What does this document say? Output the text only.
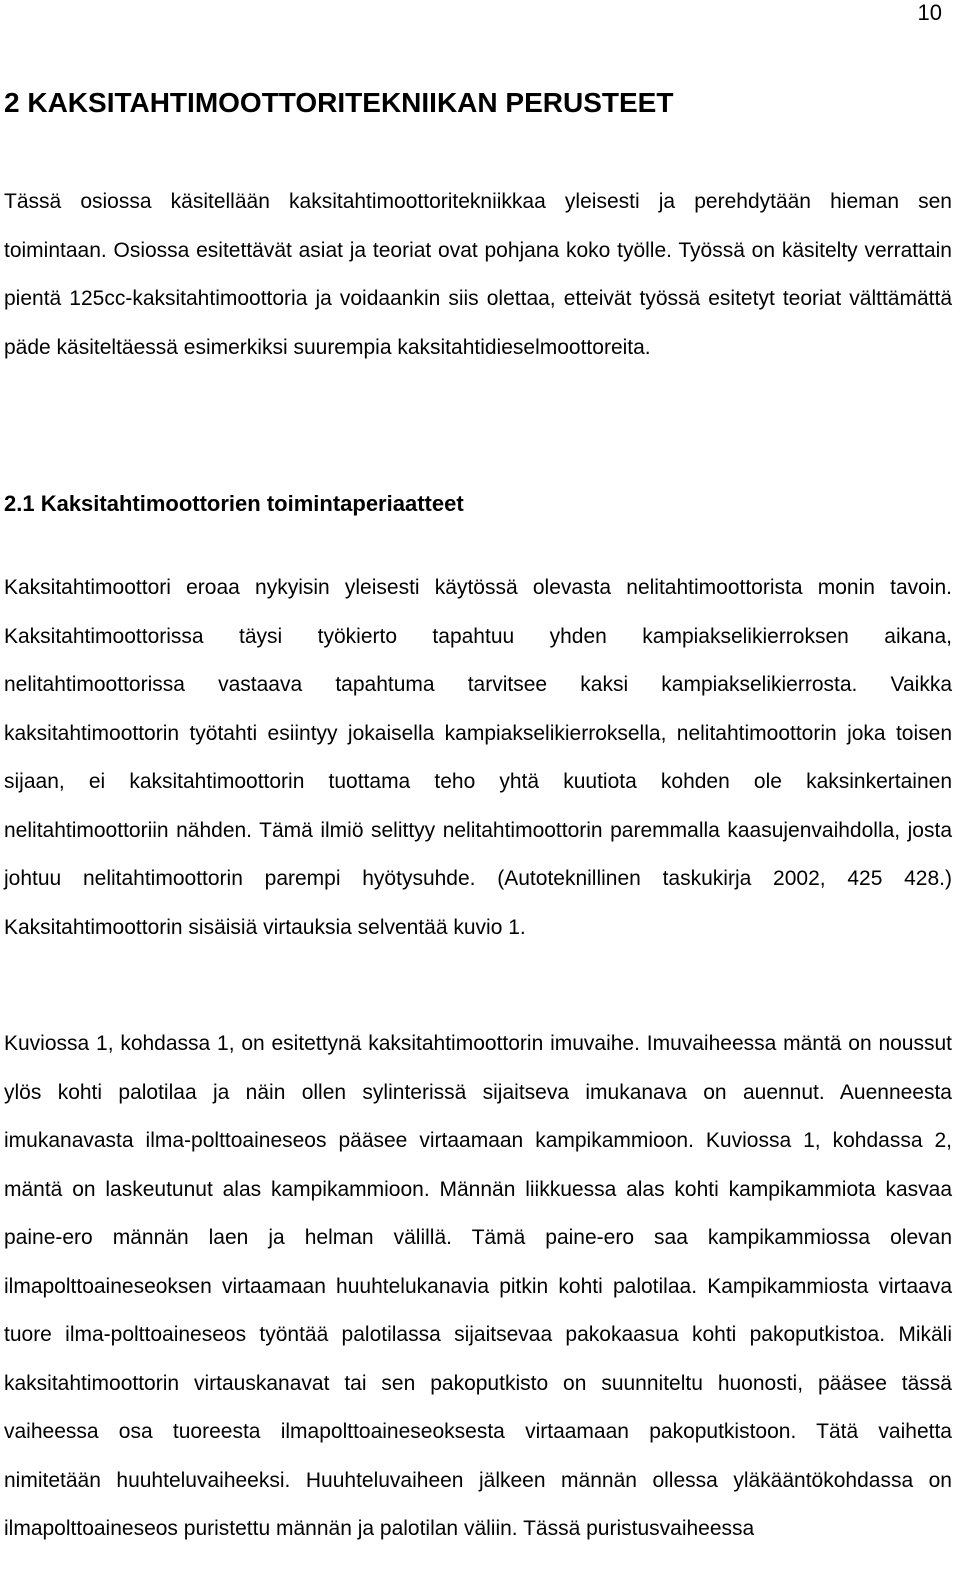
10
2 KAKSITAHTIMOOTTORITEKNIIKAN PERUSTEET

Tässä osiossa käsitellään kaksitahtimoottoritekniikkaa yleisesti ja perehdytään hieman sen toimintaan. Osiossa esitettävät asiat ja teoriat ovat pohjana koko työlle. Työssä on käsitelty verrattain pientä 125cc-kaksitahtimoottoria ja voidaankin siis olettaa, etteivät työssä esitetyt teoriat välttämättä päde käsiteltäessä esimerkiksi suurempia kaksitahtidieselmoottoreita.

2.1 Kaksitahtimoottorien toimintaperiaatteet

Kaksitahtimoottori eroaa nykyisin yleisesti käytössä olevasta nelitahtimoottorista monin tavoin. Kaksitahtimoottorissa täysi työkierto tapahtuu yhden kampiakselikierroksen aikana, nelitahtimoottorissa vastaava tapahtuma tarvitsee kaksi kampiakselikierrosta. Vaikka kaksitahtimoottorin työtahti esiintyy jokaisella kampiakselikierroksella, nelitahtimoottorin joka toisen sijaan, ei kaksitahtimoottorin tuottama teho yhtä kuutiota kohden ole kaksinkertainen nelitahtimoottoriin nähden. Tämä ilmiö selittyy nelitahtimoottorin paremmalla kaasujenvaihdolla, josta johtuu nelitahtimoottorin parempi hyötysuhde. (Autoteknillinen taskukirja 2002, 425 428.) Kaksitahtimoottorin sisäisiä virtauksia selventää kuvio 1.

Kuviossa 1, kohdassa 1, on esitettynä kaksitahtimoottorin imuvaihe. Imuvaiheessa mäntä on noussut ylös kohti palotilaa ja näin ollen sylinterissä sijaitseva imukanava on auennut. Auenneesta imukanavasta ilma-polttoaineseos pääsee virtaamaan kampikammioon. Kuviossa 1, kohdassa 2, mäntä on laskeutunut alas kampikammioon. Männän liikkuessa alas kohti kampikammiota kasvaa paine-ero männän laen ja helman välillä. Tämä paine-ero saa kampikammiossa olevan ilmapolttoaineseoksen virtaamaan huuhtelukanavia pitkin kohti palotilaa. Kampikammiosta virtaava tuore ilma-polttoaineseos työntää palotilassa sijaitsevaa pakokaasua kohti pakoputkistoa. Mikäli kaksitahtimoottorin virtauskanavat tai sen pakoputkisto on suunniteltu huonosti, pääsee tässä vaiheessa osa tuoreesta ilmapolttoaineseoksesta virtaamaan pakoputkistoon. Tätä vaihetta nimitetään huuhteluvaiheeksi. Huuhteluvaiheen jälkeen männän ollessa yläkääntökohdassa on ilmapolttoaineseos puristettu männän ja palotilan väliin. Tässä puristusvaiheessa
